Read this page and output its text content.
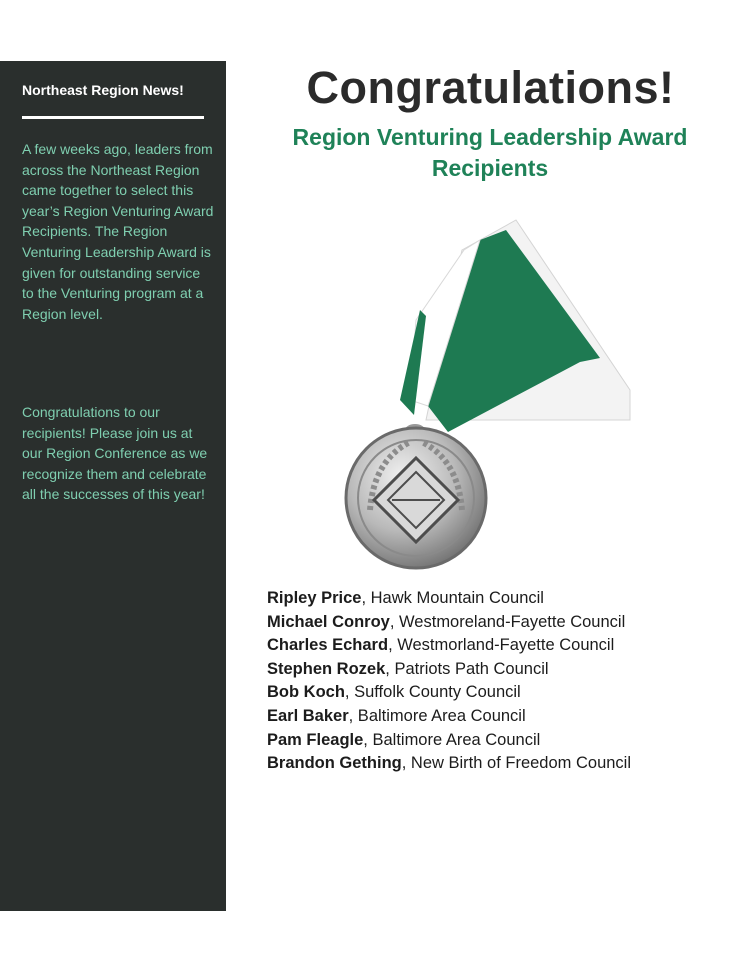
Northeast Region News!

A few weeks ago, leaders from across the Northeast Region came together to select this year’s Region Venturing Award Recipients. The Region Venturing Leadership Award is given for outstanding service to the Venturing program at a Region level.

Congratulations to our recipients! Please join us at our Region Conference as we recognize them and celebrate all the successes of this year!

Congratulations!
Region Venturing Leadership Award Recipients
Ripley Price, Hawk Mountain Council
Michael Conroy, Westmoreland-Fayette Council
Charles Echard, Westmorland-Fayette Council
Stephen Rozek, Patriots Path Council
Bob Koch, Suffolk County Council
Earl Baker, Baltimore Area Council
Pam Fleagle, Baltimore Area Council
Brandon Gething, New Birth of Freedom Council
